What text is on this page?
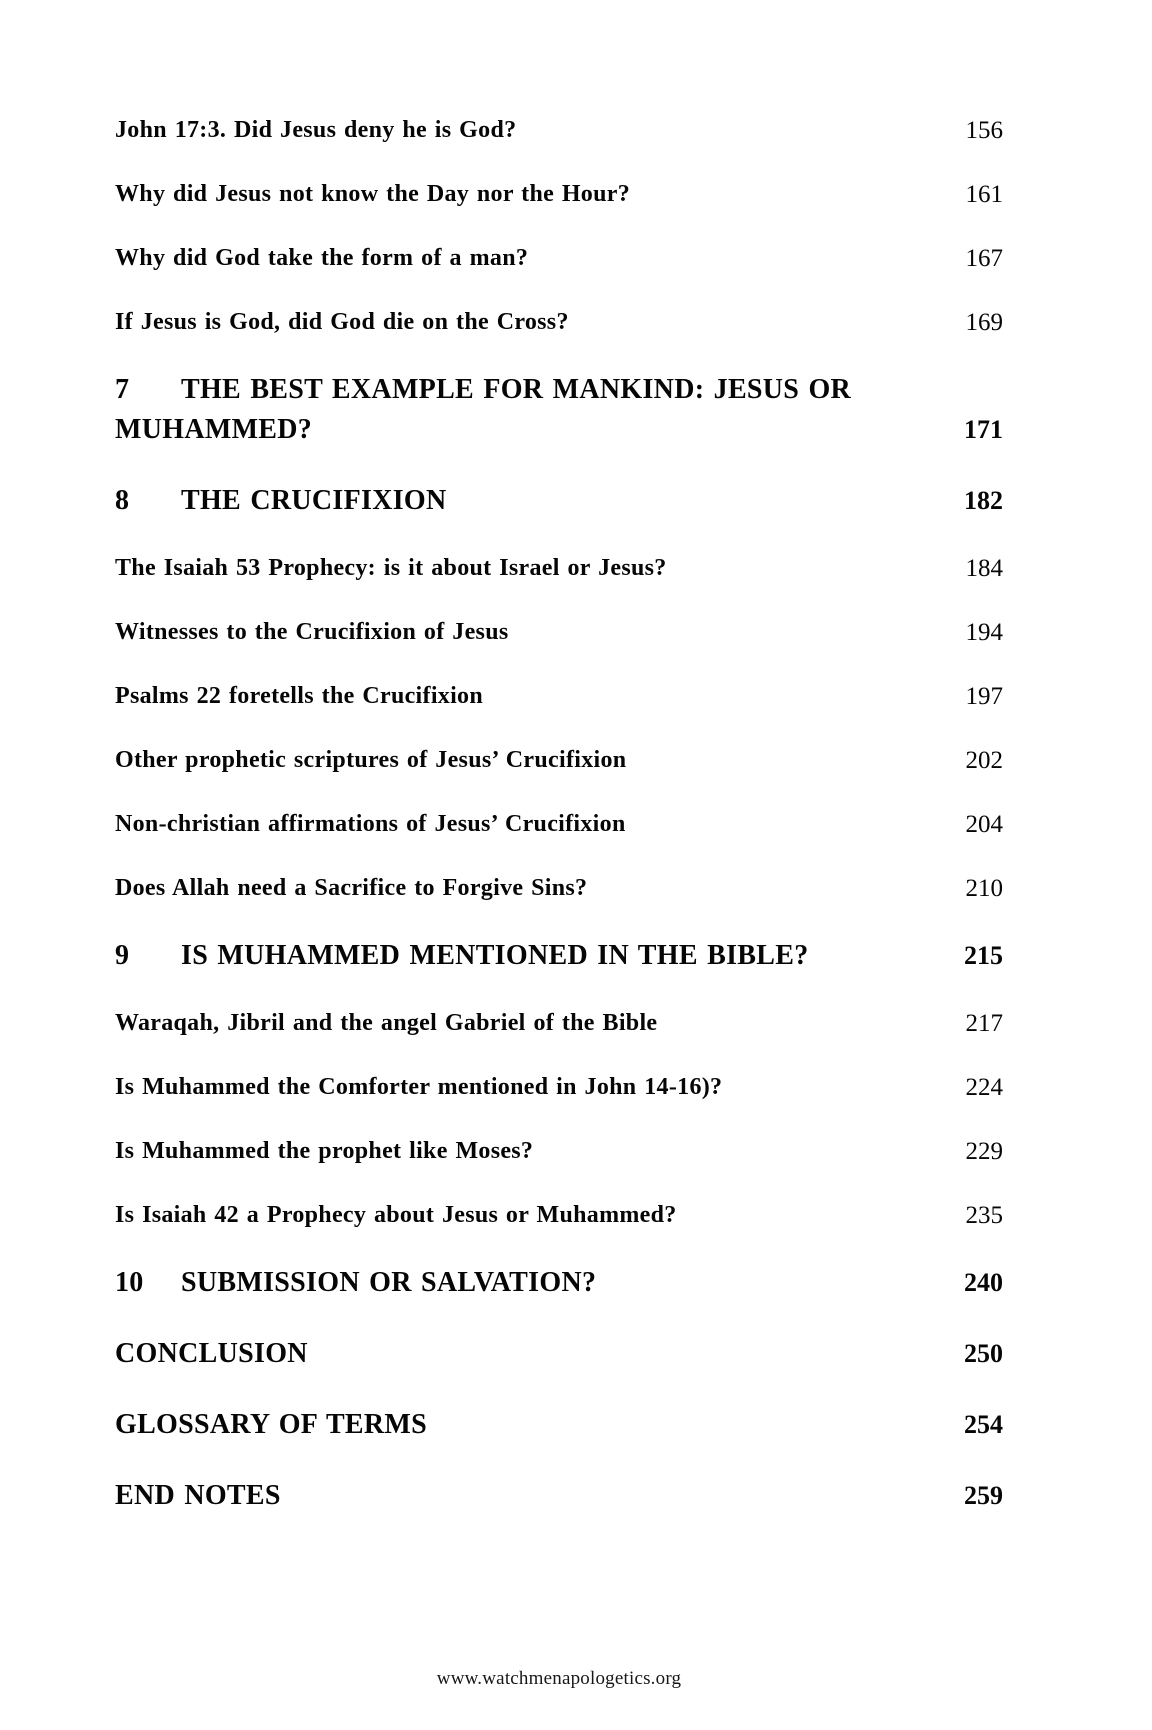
John 17:3. Did Jesus deny he is God?	156
Why did Jesus not know the Day nor the Hour?	161
Why did God take the form of a man?	167
If Jesus is God, did God die on the Cross?	169
7 THE BEST EXAMPLE FOR MANKIND: JESUS OR
MUHAMMED?	171
8 THE CRUCIFIXION	182
The Isaiah 53 Prophecy: is it about Israel or Jesus?	184
Witnesses to the Crucifixion of Jesus	194
Psalms 22 foretells the Crucifixion	197
Other prophetic scriptures of Jesus’ Crucifixion	202
Non-christian affirmations of Jesus’ Crucifixion	204
Does Allah need a Sacrifice to Forgive Sins?	210
9 IS MUHAMMED MENTIONED IN THE BIBLE?	215
Waraqah, Jibril and the angel Gabriel of the Bible	217
Is Muhammed the Comforter mentioned in John 14-16)?	224
Is Muhammed the prophet like Moses?	229
Is Isaiah 42 a Prophecy about Jesus or Muhammed?	235
10 SUBMISSION OR SALVATION?	240
CONCLUSION	250
GLOSSARY OF TERMS	254
END NOTES	259
www.watchmenapologetics.org
